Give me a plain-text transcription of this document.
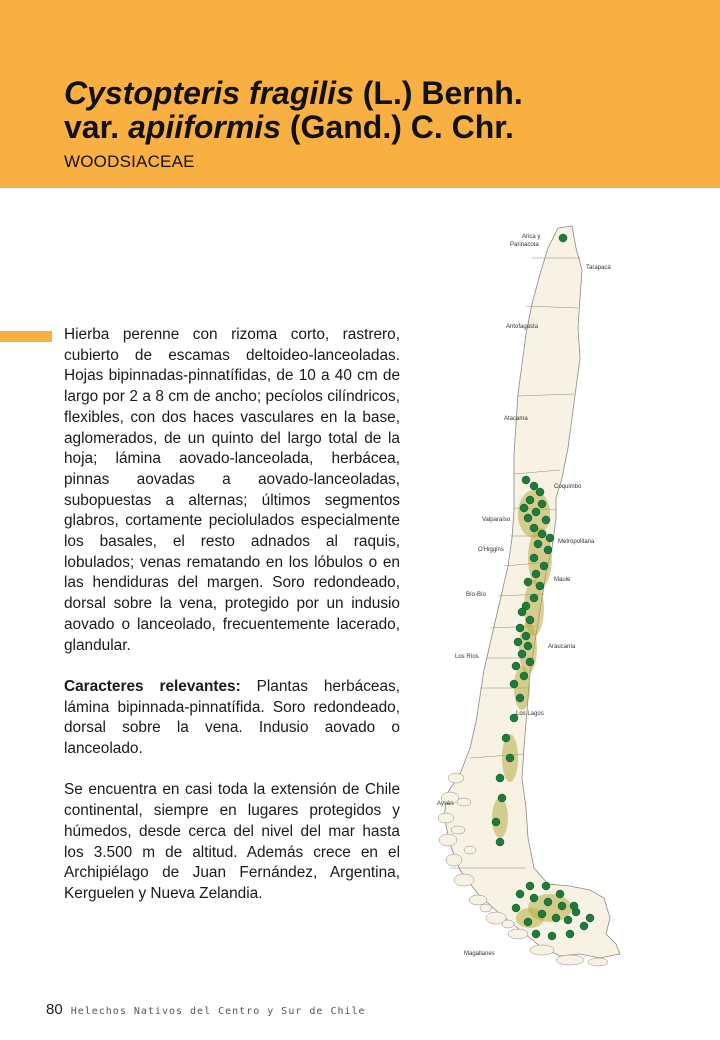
Cystopteris fragilis (L.) Bernh.
var. apiiformis (Gand.) C. Chr.
WOODSIACEAE

Hierba perenne con rizoma corto, rastrero, cubierto de escamas deltoideo-lanceoladas. Hojas bipinnadas-pinnatífidas, de 10 a 40 cm de largo por 2 a 8 cm de ancho; pecíolos cilíndricos, flexibles, con dos haces vasculares en la base, aglomerados, de un quinto del largo total de la hoja; lámina aovado-lanceolada, herbácea, pinnas aovadas a aovado-lanceoladas, subopuestas a alternas; últimos segmentos glabros, cortamente peciolulados especialmente los basales, el resto adnados al raquis, lobulados; venas rematando en los lóbulos o en las hendiduras del margen. Soro redondeado, dorsal sobre la vena, protegido por un indusio aovado o lanceolado, frecuentemente lacerado, glandular.

Caracteres relevantes: Plantas herbáceas, lámina bipinnada-pinnatífida. Soro redondeado, dorsal sobre la vena. Indusio aovado o lanceolado.

Se encuentra en casi toda la extensión de Chile continental, siempre en lugares protegidos y húmedos, desde cerca del nivel del mar hasta los 3.500 m de altitud. Además crece en el Archipiélago de Juan Fernández, Argentina, Kerguelen y Nueva Zelandia.

Arica y Parinacota
Tarapacá
Antofagasta
Atacama
Coquimbo
Valparaíso
O'Higgins
Metropolitana
Maule
Bío-Bío
Araucanía
Los Ríos
Los Lagos
Aysén
Magallanes
80 Helechos Nativos del Centro y Sur de Chile
